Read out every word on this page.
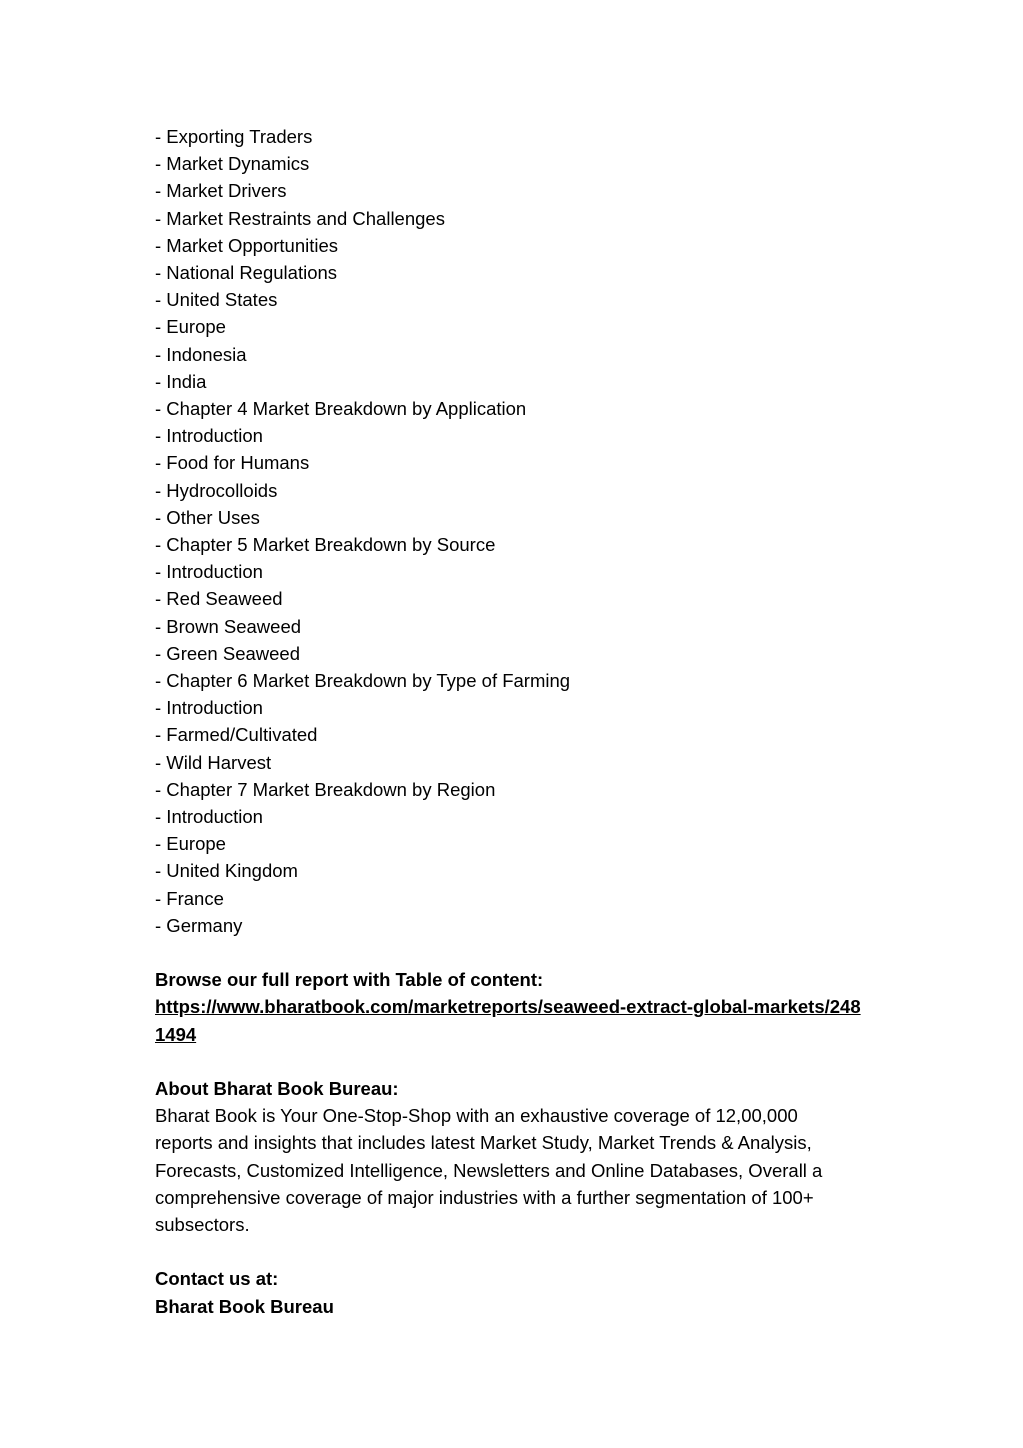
- Exporting Traders

- Market Dynamics

- Market Drivers

- Market Restraints and Challenges

- Market Opportunities

- National Regulations

- United States

- Europe

- Indonesia

- India

- Chapter 4 Market Breakdown by Application

- Introduction

- Food for Humans

- Hydrocolloids

- Other Uses

- Chapter 5 Market Breakdown by Source

- Introduction

- Red Seaweed

- Brown Seaweed

- Green Seaweed

- Chapter 6 Market Breakdown by Type of Farming

- Introduction

- Farmed/Cultivated

- Wild Harvest

- Chapter 7 Market Breakdown by Region

- Introduction

- Europe

- United Kingdom

- France

- Germany

Browse our full report with Table of content:

https://www.bharatbook.com/marketreports/seaweed-extract-global-markets/2481494

About Bharat Book Bureau:

Bharat Book is Your One-Stop-Shop with an exhaustive coverage of 12,00,000 reports and insights that includes latest Market Study, Market Trends & Analysis, Forecasts, Customized Intelligence, Newsletters and Online Databases, Overall a comprehensive coverage of major industries with a further segmentation of 100+ subsectors.

Contact us at:

Bharat Book Bureau
